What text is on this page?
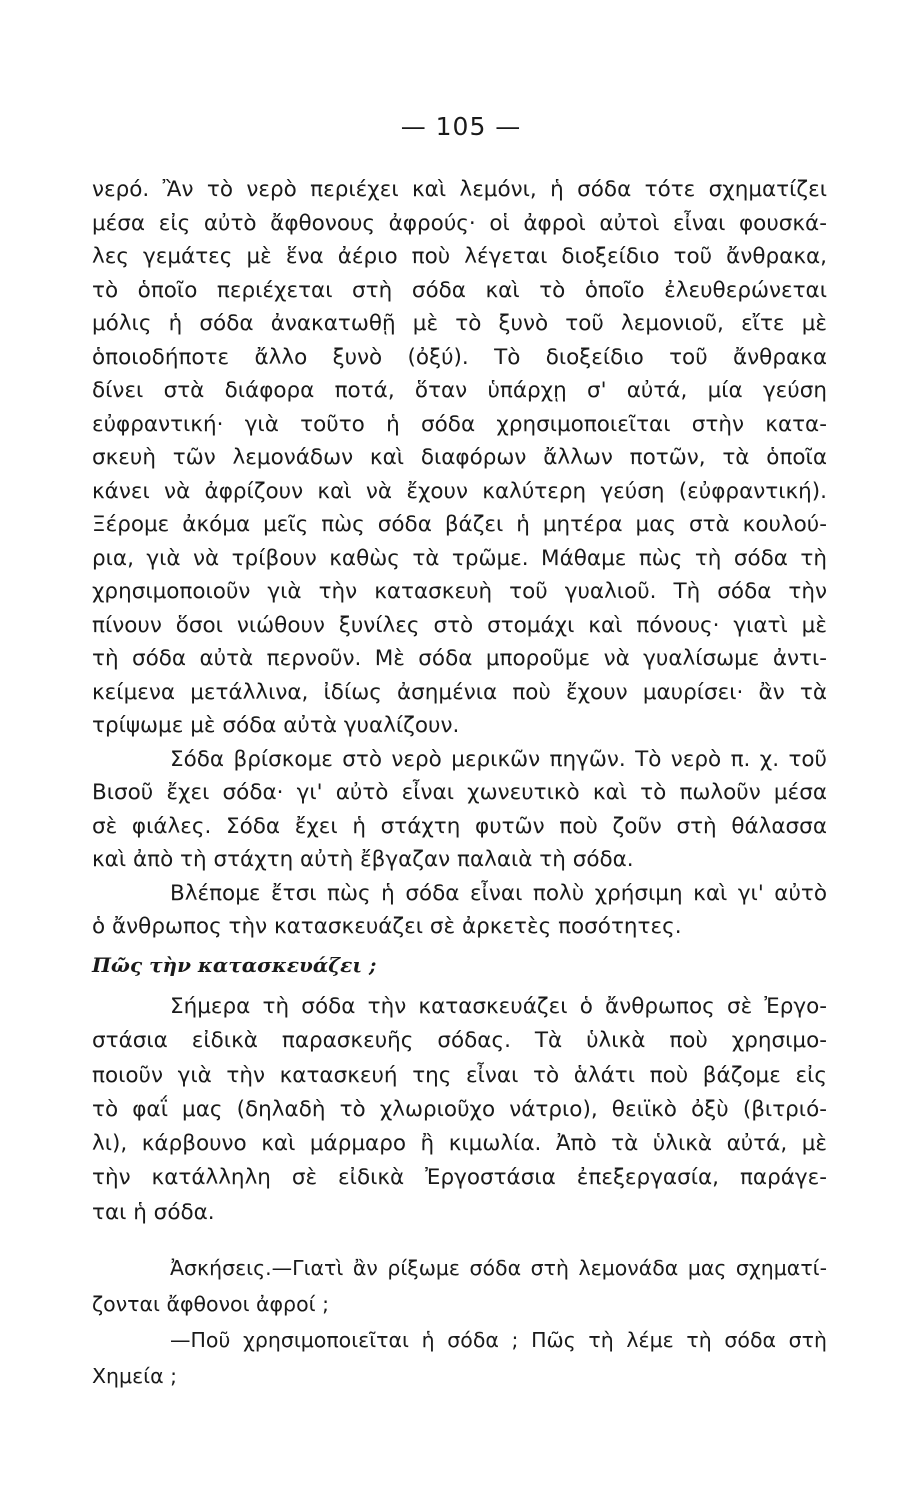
— 105 —
νερό. Ἂν τὸ νερὸ περιέχει καὶ λεμόνι, ἡ σόδα τότε σχηματίζει
μέσα εἰς αὐτὸ ἄφθονους ἀφρούς· οἱ ἀφροὶ αὐτοὶ εἶναι φουσκά-
λες γεμάτες μὲ ἕνα ἀέριο ποὺ λέγεται διοξείδιο τοῦ ἄνθρακα,
τὸ ὁποῖο περιέχεται στὴ σόδα καὶ τὸ ὁποῖο ἐλευθερώνεται
μόλις ἡ σόδα ἀνακατωθῇ μὲ τὸ ξυνὸ τοῦ λεμονιοῦ, εἴτε μὲ
ὁποιοδήποτε ἄλλο ξυνὸ (ὀξύ). Τὸ διοξείδιο τοῦ ἄνθρακα
δίνει στὰ διάφορα ποτά, ὅταν ὑπάρχῃ σ' αὐτά, μία γεύση
εὐφραντική· γιὰ τοῦτο ἡ σόδα χρησιμοποιεῖται στὴν κατα-
σκευὴ τῶν λεμονάδων καὶ διαφόρων ἄλλων ποτῶν, τὰ ὁποῖα
κάνει νὰ ἀφρίζουν καὶ νὰ ἔχουν καλύτερη γεύση (εὐφραντική).
Ξέρομε ἀκόμα μεῖς πὼς σόδα βάζει ἡ μητέρα μας στὰ κουλού-
ρια, γιὰ νὰ τρίβουν καθὼς τὰ τρῶμε. Μάθαμε πὼς τὴ σόδα τὴ
χρησιμοποιοῦν γιὰ τὴν κατασκευὴ τοῦ γυαλιοῦ. Τὴ σόδα τὴν
πίνουν ὅσοι νιώθουν ξυνίλες στὸ στομάχι καὶ πόνους· γιατὶ μὲ
τὴ σόδα αὐτὰ περνοῦν. Μὲ σόδα μποροῦμε νὰ γυαλίσωμε ἀντι-
κείμενα μετάλλινα, ἰδίως ἀσημένια ποὺ ἔχουν μαυρίσει· ἂν τὰ
τρίψωμε μὲ σόδα αὐτὰ γυαλίζουν.
Σόδα βρίσκομε στὸ νερὸ μερικῶν πηγῶν. Τὸ νερὸ π. χ. τοῦ
Βισοῦ ἔχει σόδα· γι' αὐτὸ εἶναι χωνευτικὸ καὶ τὸ πωλοῦν μέσα
σὲ φιάλες. Σόδα ἔχει ἡ στάχτη φυτῶν ποὺ ζοῦν στὴ θάλασσα
καὶ ἀπὸ τὴ στάχτη αὐτὴ ἔβγαζαν παλαιὰ τὴ σόδα.
Βλέπομε ἔτσι πὼς ἡ σόδα εἶναι πολὺ χρήσιμη καὶ γι' αὐτὸ
ὁ ἄνθρωπος τὴν κατασκευάζει σὲ ἀρκετὲς ποσότητες.
Πῶς τὴν κατασκευάζει ;
Σήμερα τὴ σόδα τὴν κατασκευάζει ὁ ἄνθρωπος σὲ Ἐργο-
στάσια εἰδικὰ παρασκευῆς σόδας. Τὰ ὑλικὰ ποὺ χρησιμο-
ποιοῦν γιὰ τὴν κατασκευή της εἶναι τὸ ἁλάτι ποὺ βάζομε εἰς
τὸ φαΐ μας (δηλαδὴ τὸ χλωριοῦχο νάτριο), θειϊκὸ ὀξὺ (βιτριό-
λι), κάρβουνο καὶ μάρμαρο ἢ κιμωλία. Ἀπὸ τὰ ὑλικὰ αὐτά, μὲ
τὴν κατάλληλη σὲ εἰδικὰ Ἐργοστάσια ἐπεξεργασία, παράγε-
ται ἡ σόδα.
Ἀσκήσεις.—Γιατὶ ἂν ρίξωμε σόδα στὴ λεμονάδα μας σχηματί-
ζονται ἄφθονοι ἀφροί ;
—Ποῦ χρησιμοποιεῖται ἡ σόδα ; Πῶς τὴ λέμε τὴ σόδα στὴ
Χημεία ;
